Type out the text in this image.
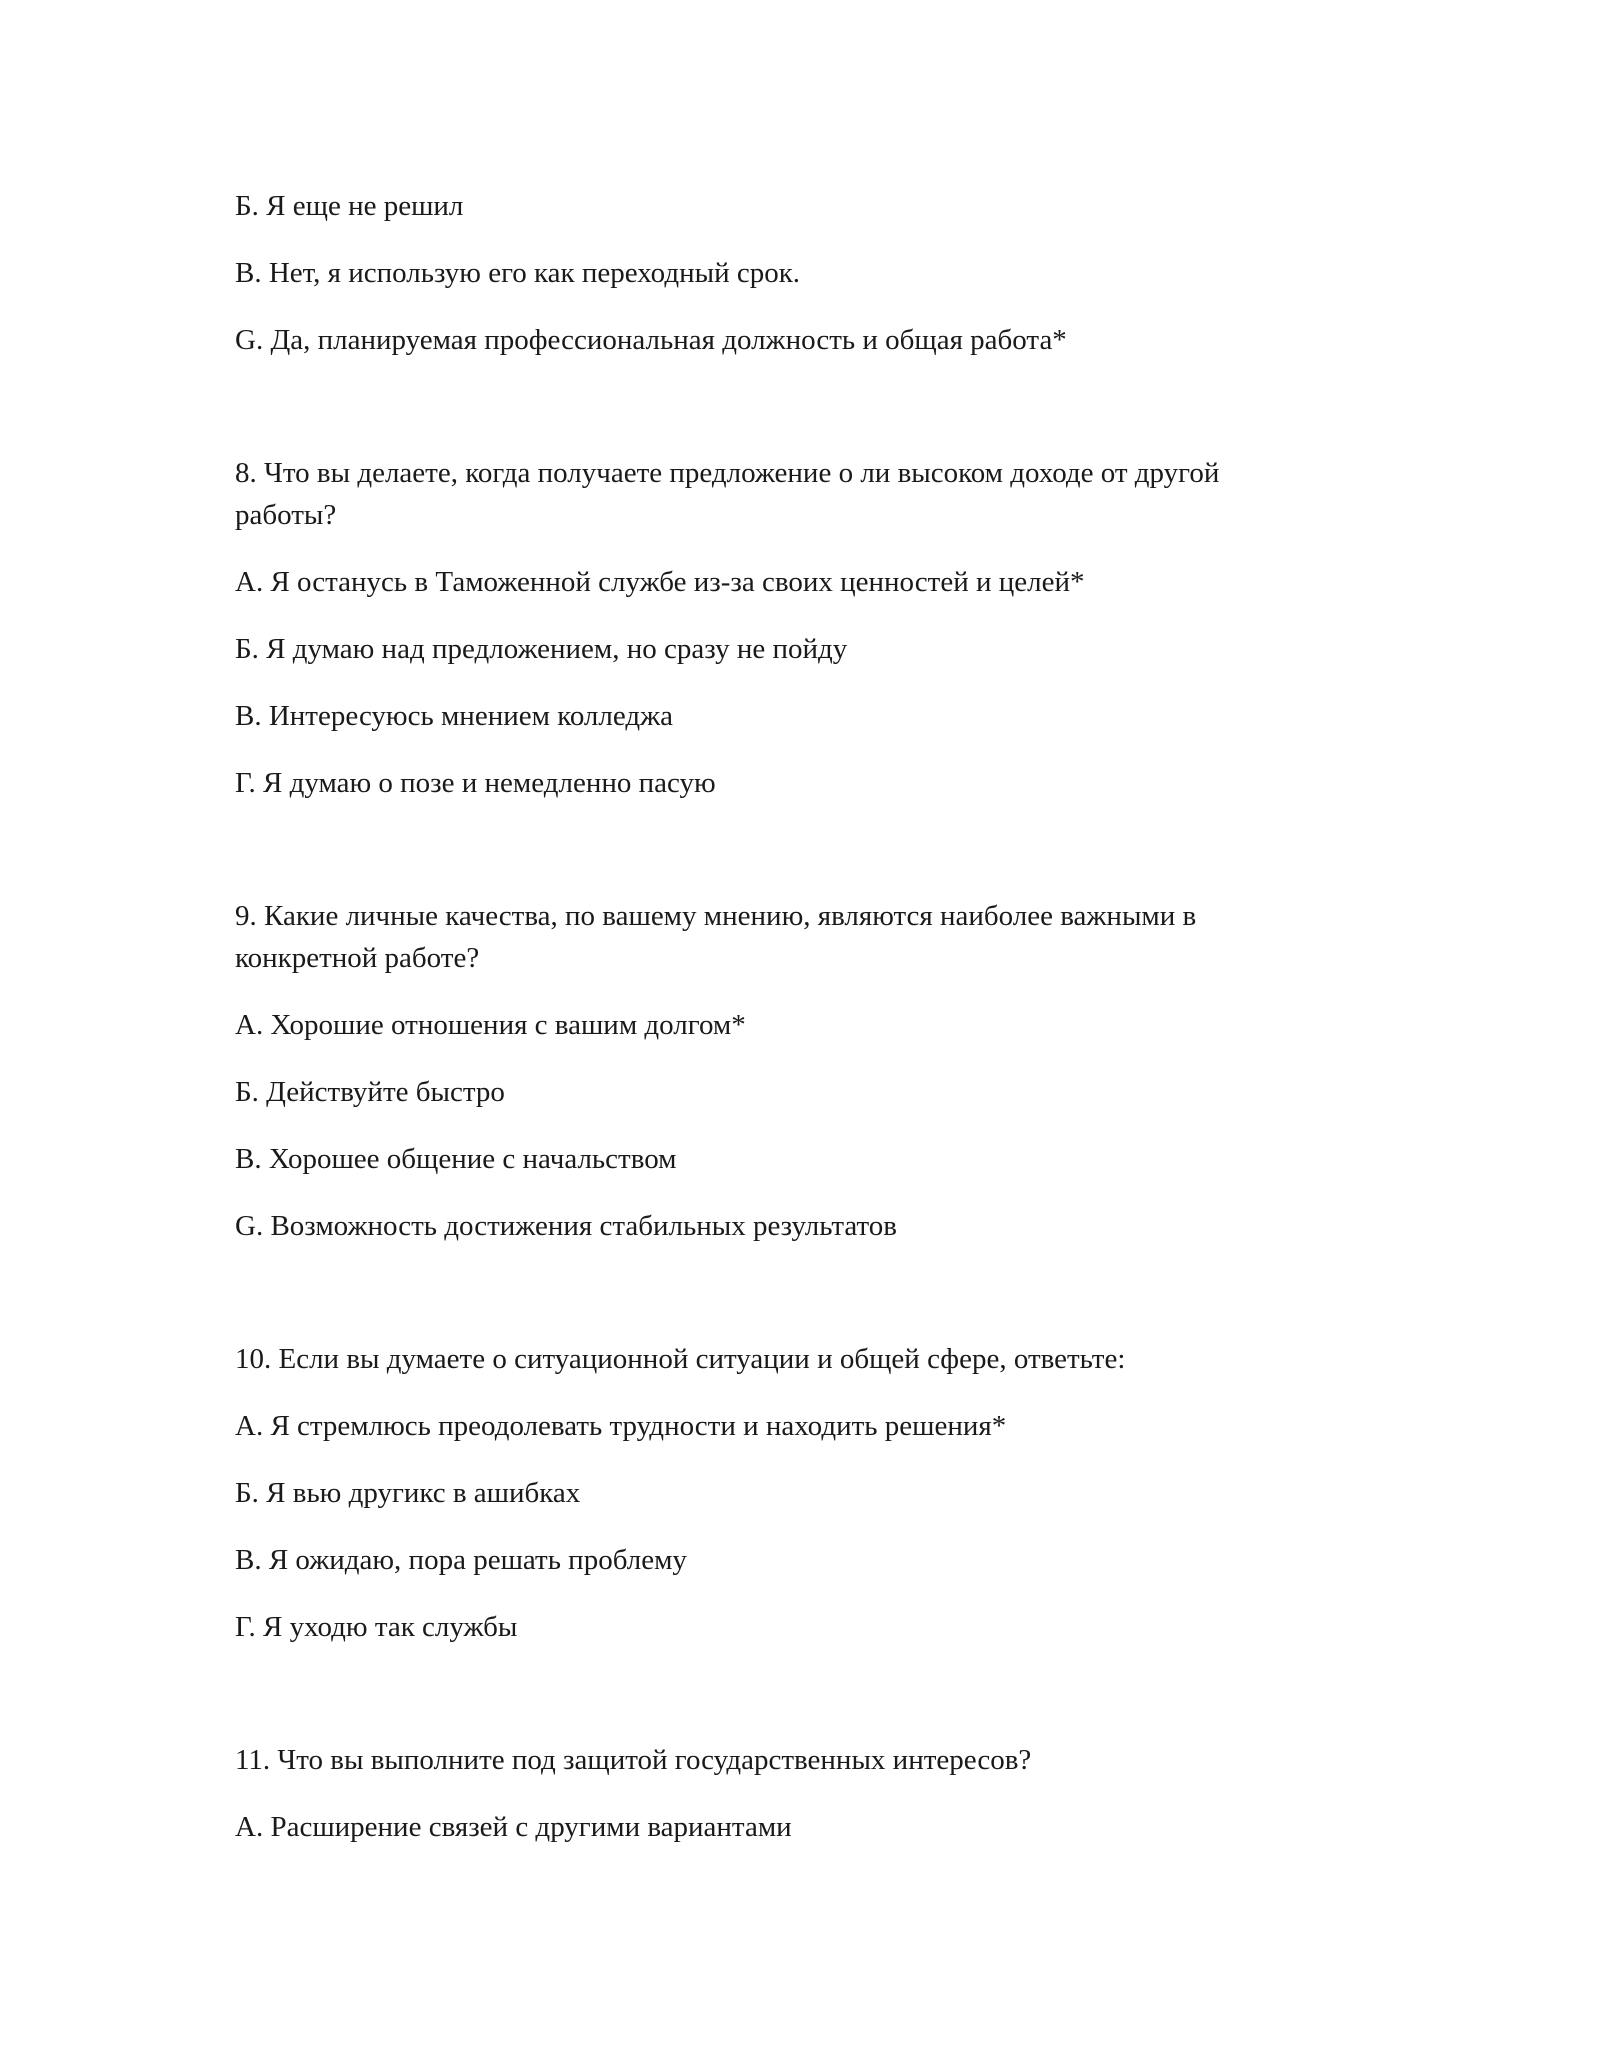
Б. Я еще не решил
В. Нет, я использую его как переходный срок.
G. Да, планируемая профессиональная должность и общая работа*
8. Что вы делаете, когда получаете предложение о ли высоком доходе от другой
работы?
A. Я останусь в Таможенной службе из-за своих ценностей и целей*
Б. Я думаю над предложением, но сразу не пойду
В. Интересуюсь мнением колледжа
Г. Я думаю о позе и немедленно пасую
9. Какие личные качества, по вашему мнению, являются наиболее важными в
конкретной работе?
A. Хорошие отношения с вашим долгом*
Б. Действуйте быстро
В. Хорошее общение с начальством
G. Возможность достижения стабильных результатов
10. Если вы думаете о ситуационной ситуации и общей сфере, ответьте:
A. Я стремлюсь преодолевать трудности и находить решения*
Б. Я вью другикс в ашибках
В. Я ожидаю, пора решать проблему
Г. Я уходю так службы
11. Что вы выполните под защитой государственных интересов?
A. Расширение связей с другими вариантами
